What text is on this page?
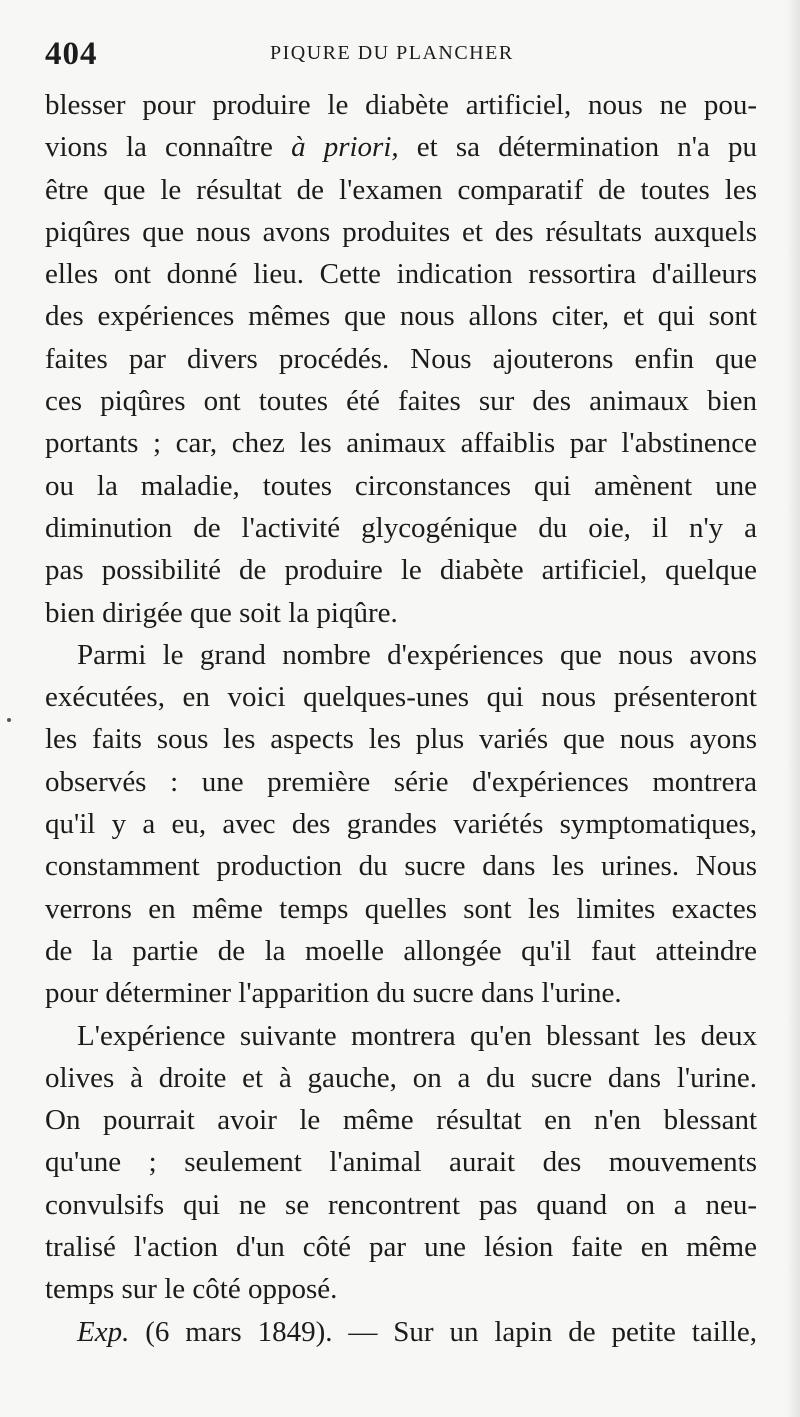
404	PIQURE DU PLANCHER
blesser pour produire le diabète artificiel, nous ne pou-
vions la connaître à priori, et sa détermination n'a pu
être que le résultat de l'examen comparatif de toutes les
piqûres que nous avons produites et des résultats auxquels
elles ont donné lieu. Cette indication ressortira d'ailleurs
des expériences mêmes que nous allons citer, et qui sont
faites par divers procédés. Nous ajouterons enfin que
ces piqûres ont toutes été faites sur des animaux bien
portants ; car, chez les animaux affaiblis par l'abstinence
ou la maladie, toutes circonstances qui amènent une
diminution de l'activité glycogénique du oie, il n'y a
pas possibilité de produire le diabète artificiel, quelque
bien dirigée que soit la piqûre.
Parmi le grand nombre d'expériences que nous avons
exécutées, en voici quelques-unes qui nous présenteront
les faits sous les aspects les plus variés que nous ayons
observés : une première série d'expériences montrera
qu'il y a eu, avec des grandes variétés symptomatiques,
constamment production du sucre dans les urines. Nous
verrons en même temps quelles sont les limites exactes
de la partie de la moelle allongée qu'il faut atteindre
pour déterminer l'apparition du sucre dans l'urine.
L'expérience suivante montrera qu'en blessant les deux
olives à droite et à gauche, on a du sucre dans l'urine.
On pourrait avoir le même résultat en n'en blessant
qu'une ; seulement l'animal aurait des mouvements
convulsifs qui ne se rencontrent pas quand on a neu-
tralisé l'action d'un côté par une lésion faite en même
temps sur le côté opposé.
Exp. (6 mars 1849). — Sur un lapin de petite taille,
